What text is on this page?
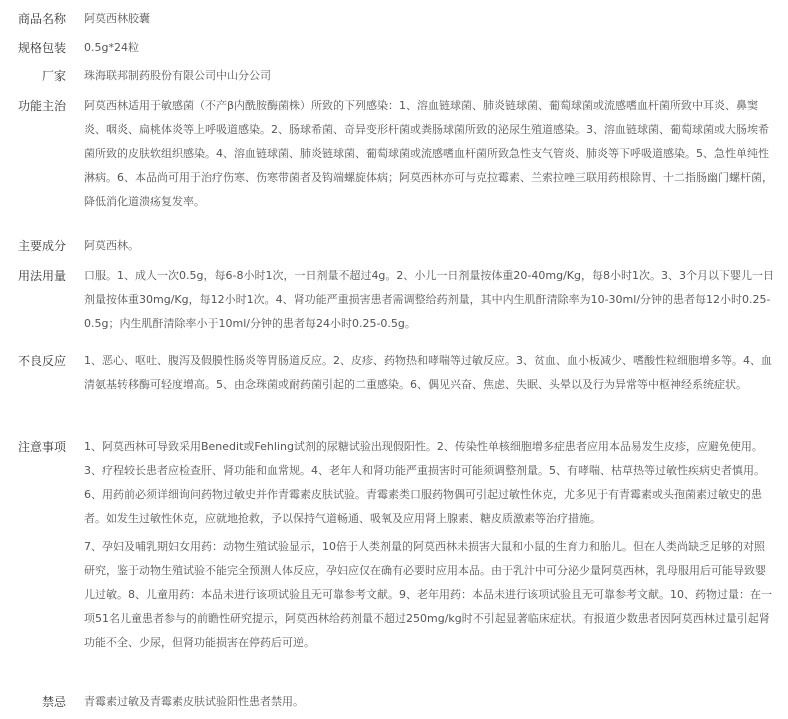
商品名称 阿莫西林胶囊
规格包装 0.5g*24粒
厂家 珠海联邦制药股份有限公司中山分公司
功能主治 阿莫西林适用于敏感菌（不产β内酰胺酶菌株）所致的下列感染：1、溶血链球菌、肺炎链球菌、葡萄球菌或流感嗜血杆菌所致中耳炎、鼻窦炎、咽炎、扁桃体炎等上呼吸道感染。2、肠球希菌、奇异变形杆菌或粪肠球菌所致的泌尿生殖道感染。3、溶血链球菌、葡萄球菌或大肠埃希菌所致的皮肤软组织感染。4、溶血链球菌、肺炎链球菌、葡萄球菌或流感嗜血杆菌所致急性支气管炎、肺炎等下呼吸道感染。5、急性单纯性淋病。6、本品尚可用于治疗伤寒、伤寒带菌者及钩端螺旋体病；阿莫西林亦可与克拉霉素、兰索拉唑三联用药根除胃、十二指肠幽门螺杆菌，降低消化道溃疡复发率。
主要成分 阿莫西林。
用法用量 口服。1、成人一次0.5g，每6-8小时1次，一日剂量不超过4g。2、小儿一日剂量按体重20-40mg/Kg，每8小时1次。3、3个月以下婴儿一日剂量按体重30mg/Kg，每12小时1次。4、肾功能严重损害患者需调整给药剂量，其中内生肌酐清除率为10-30ml/分钟的患者每12小时0.25-0.5g；内生肌酐清除率小于10ml/分钟的患者每24小时0.25-0.5g。
不良反应 1、恶心、呕吐、腹泻及假膜性肠炎等胃肠道反应。2、皮疹、药物热和哮喘等过敏反应。3、贫血、血小板减少、嗜酸性粒细胞增多等。4、血清氨基转移酶可轻度增高。5、由念珠菌或耐药菌引起的二重感染。6、偶见兴奋、焦虑、失眠、头晕以及行为异常等中枢神经系统症状。
注意事项 1、阿莫西林可导致采用Benedit或Fehling试剂的尿糖试验出现假阳性。2、传染性单核细胞增多症患者应用本品易发生皮疹，应避免使用。3、疗程较长患者应检查肝、肾功能和血常规。4、老年人和肾功能严重损害时可能须调整剂量。5、有哮喘、枯草热等过敏性疾病史者慎用。6、用药前必须详细询问药物过敏史并作青霉素皮肤试验。青霉素类口服药物偶可引起过敏性休克，尤多见于有青霉素或头孢菌素过敏史的患者。如发生过敏性休克，应就地抢救，予以保持气道畅通、吸氧及应用肾上腺素、糖皮质激素等治疗措施。
7、孕妇及哺乳期妇女用药：动物生殖试验显示，10倍于人类剂量的阿莫西林未损害大鼠和小鼠的生育力和胎儿。但在人类尚缺乏足够的对照研究，鉴于动物生殖试验不能完全预测人体反应，孕妇应仅在确有必要时应用本品。由于乳汁中可分泌少量阿莫西林，乳母服用后可能导致婴儿过敏。8、儿童用药：本品未进行该项试验且无可靠参考文献。9、老年用药：本品未进行该项试验且无可靠参考文献。10、药物过量：在一项51名儿童患者参与的前瞻性研究提示，阿莫西林给药剂量不超过250mg/kg时不引起显著临床症状。有报道少数患者因阿莫西林过量引起肾功能不全、少尿，但肾功能损害在停药后可逆。
禁忌 青霉素过敏及青霉素皮肤试验阳性患者禁用。
